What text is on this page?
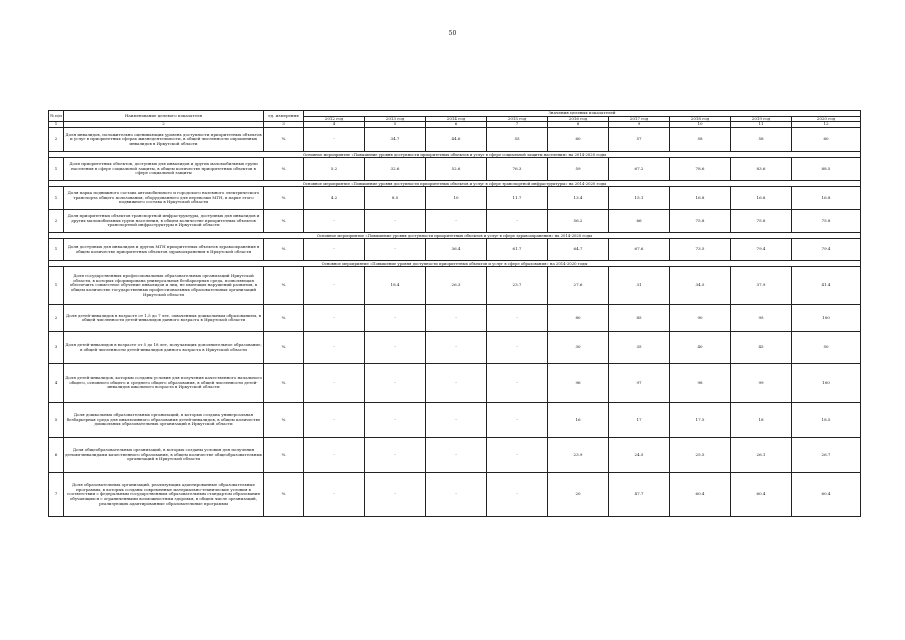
50
№ п/п	Наименование целевого показателя	ед. измерения	Значения целевых показателей								
			2012 год	2013 год	2014 год	2015 год	2016 год	2017 год	2018 год	2019 год	2020 год
1	2	3	4	5	6	7	8	9	10	11	12
2	Доля инвалидов, положительно оценивающих уровень доступности приоритетных объектов и услуг в приоритетных сферах жизнедеятельности, в общей численности опрошенных инвалидов в Иркутской области	%	-	34.7	44.6	55	60	57	58	58	60
Основное мероприятие «Повышение уровня доступности приоритетных объектов и услуг в сфере социальной защиты населения» на 2014-2020 годы											
1	Доля приоритетных объектов, доступных для инвалидов и других маломобильных групп населения в сфере социальной защиты, в общем количестве приоритетных объектов в сфере социальной защиты	%	5.2	32.6	52.6	76.3	59	67.2	78.6	83.6	88.5
Основное мероприятие «Повышение уровня доступности приоритетных объектов и услуг в сфере транспортной инфраструктуры» на 2014-2020 годы											
1	Доля парка подвижного состава автомобильного и городского наземного электрического транспорта общего пользования, оборудованного для перевозки МГН, в парке этого подвижного состава в Иркутской области	%	4.2	8.5	10	11.7	13.4	15.1	16.8	16.8	16.8
2	Доля приоритетных объектов транспортной инфраструктуры, доступных для инвалидов и других маломобильных групп населения, в общем количестве приоритетных объектов транспортной инфраструктуры в Иркутской области	%	-	-	-	-	56.2	66	75.8	75.8	75.8
Основное мероприятие «Повышение уровня доступности приоритетных объектов и услуг в сфере здравоохранения» на 2014-2020 годы											
1	Доля доступных для инвалидов и других МГН приоритетных объектов здравоохранения в общем количестве приоритетных объектов здравоохранения в Иркутской области	%	-	-	36.4	61.7	64.7	67.6	73.5	79.4	79.4
Основное мероприятие «Повышение уровня доступности приоритетных объектов и услуг в сфере образования» на 2014-2020 годы											
1	Доля государственных профессиональных образовательных организаций Иркутской области, в которых сформирована универсальная безбарьерная среда, позволяющая обеспечить совместное обучение инвалидов и лиц, не имеющих нарушений развития, в общем количестве государственных профессиональных образовательных организаций Иркутской области	%	-	18.4	26.3	23.7	27.6	31	34.5	37.9	41.4
2	Доля детей-инвалидов в возрасте от 1,5 до 7 лет, охваченных дошкольным образованием, в общей численности детей-инвалидов данного возраста в Иркутской области	%	-	-	-	-	80	85	90	95	100
3	Доля детей-инвалидов в возрасте от 5 до 18 лет, получающих дополнительное образование, в общей численности детей-инвалидов данного возраста в Иркутской области	%	-	-	-	-	30	35	40	45	50
4	Доля детей-инвалидов, которым созданы условия для получения качественного начального общего, основного общего и среднего общего образования, в общей численности детей-инвалидов школьного возраста в Иркутской области	%	-	-	-	-	96	97	98	99	100
5	Доля дошкольных образовательных организаций, в которых создана универсальная безбарьерная среда для инклюзивного образования детей-инвалидов, в общем количестве дошкольных образовательных организаций в Иркутской области	%	-	-	-	-	16	17	17.5	18	18.5
6	Доля общеобразовательных организаций, в которых созданы условия для получения детьми-инвалидами качественного образования, в общем количестве общеобразовательных организаций в Иркутской области	%	-	-	-	-	23.9	24.5	25.5	26.1	26.7
7	Доля образовательных организаций, реализующих адаптированные образовательные программы, в которых созданы современные материально-технические условия в соответствии с федеральным государственным образовательным стандартом образования обучающихся с ограниченными возможностями здоровья, в общем числе организаций, реализующих адаптированные образовательные программы	%	-	-	-	-	20	47.7	60.4	60.4	60.4
